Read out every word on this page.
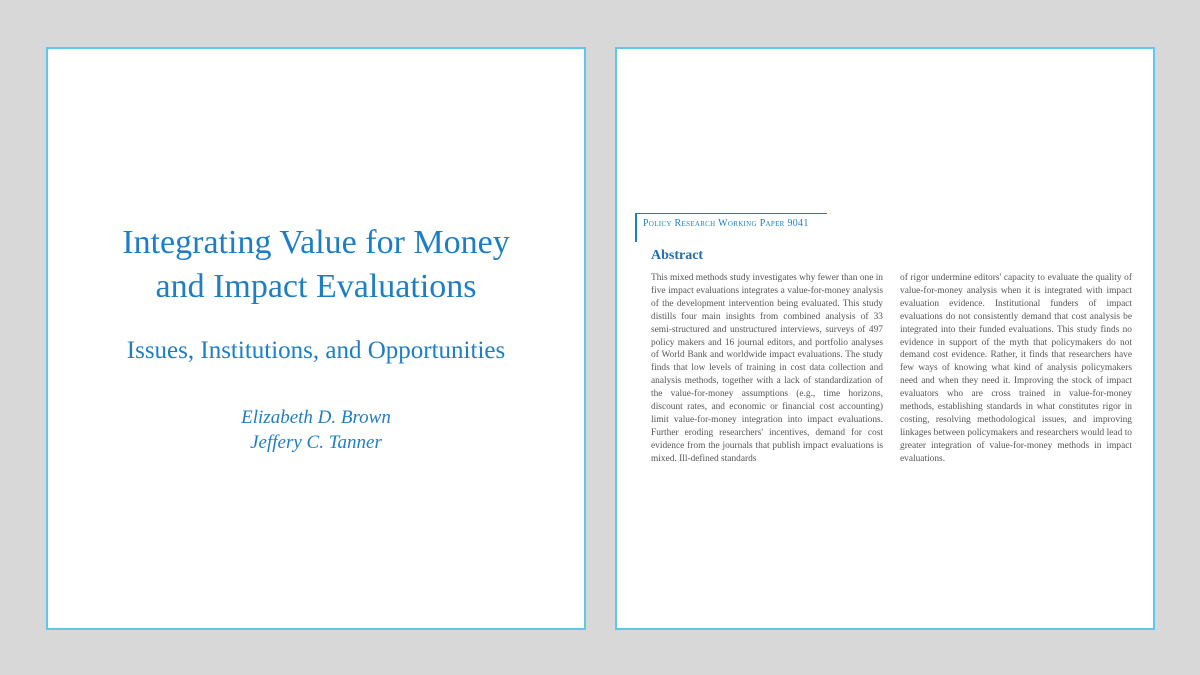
Integrating Value for Money
and Impact Evaluations
Issues, Institutions, and Opportunities
Elizabeth D. Brown
Jeffery C. Tanner
Policy Research Working Paper 9041
Abstract

This mixed methods study investigates why fewer than one in five impact evaluations integrates a value-for-money analysis of the development intervention being evaluated. This study distills four main insights from combined analysis of 33 semi-structured and unstructured interviews, surveys of 497 policy makers and 16 journal editors, and portfolio analyses of World Bank and worldwide impact evaluations. The study finds that low levels of training in cost data collection and analysis methods, together with a lack of standardization of the value-for-money assumptions (e.g., time horizons, discount rates, and economic or financial cost accounting) limit value-for-money integration into impact evaluations. Further eroding researchers' incentives, demand for cost evidence from the journals that publish impact evaluations is mixed. Ill-defined standards

of rigor undermine editors' capacity to evaluate the quality of value-for-money analysis when it is integrated with impact evaluation evidence. Institutional funders of impact evaluations do not consistently demand that cost analysis be integrated into their funded evaluations. This study finds no evidence in support of the myth that policymakers do not demand cost evidence. Rather, it finds that researchers have few ways of knowing what kind of analysis policymakers need and when they need it. Improving the stock of impact evaluators who are cross trained in value-for-money methods, establishing standards in what constitutes rigor in costing, resolving methodological issues, and improving linkages between policymakers and researchers would lead to greater integration of value-for-money methods in impact evaluations.
